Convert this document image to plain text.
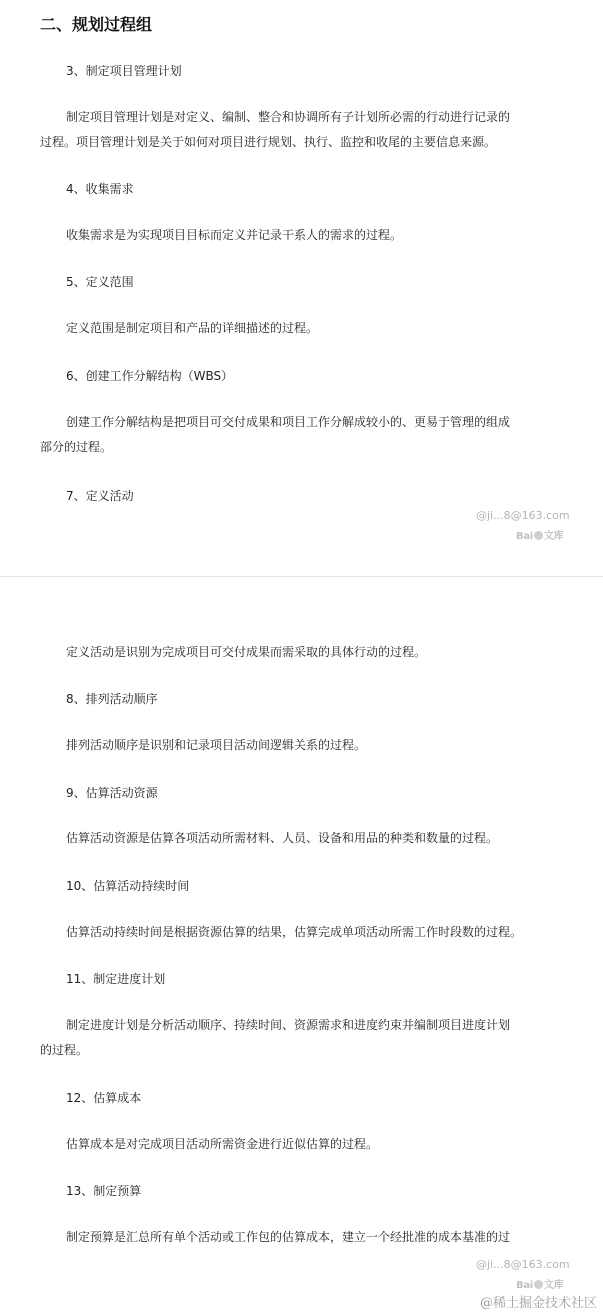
二、规划过程组
3、制定项目管理计划
制定项目管理计划是对定义、编制、整合和协调所有子计划所必需的行动进行记录的
过程。项目管理计划是关于如何对项目进行规划、执行、监控和收尾的主要信息来源。
4、收集需求
收集需求是为实现项目目标而定义并记录干系人的需求的过程。
5、定义范围
定义范围是制定项目和产品的详细描述的过程。
6、创建工作分解结构（WBS）
创建工作分解结构是把项目可交付成果和项目工作分解成较小的、更易于管理的组成
部分的过程。
7、定义活动
@ji...8@163.com
Bai 文库
定义活动是识别为完成项目可交付成果而需采取的具体行动的过程。
8、排列活动顺序
排列活动顺序是识别和记录项目活动间逻辑关系的过程。
9、估算活动资源
估算活动资源是估算各项活动所需材料、人员、设备和用品的种类和数量的过程。
10、估算活动持续时间
估算活动持续时间是根据资源估算的结果，估算完成单项活动所需工作时段数的过程。
11、制定进度计划
制定进度计划是分析活动顺序、持续时间、资源需求和进度约束并编制项目进度计划
的过程。
12、估算成本
估算成本是对完成项目活动所需资金进行近似估算的过程。
13、制定预算
制定预算是汇总所有单个活动或工作包的估算成本，建立一个经批准的成本基准的过
@ji...8@163.com
Bai 文库
@稀土掘金技术社区
